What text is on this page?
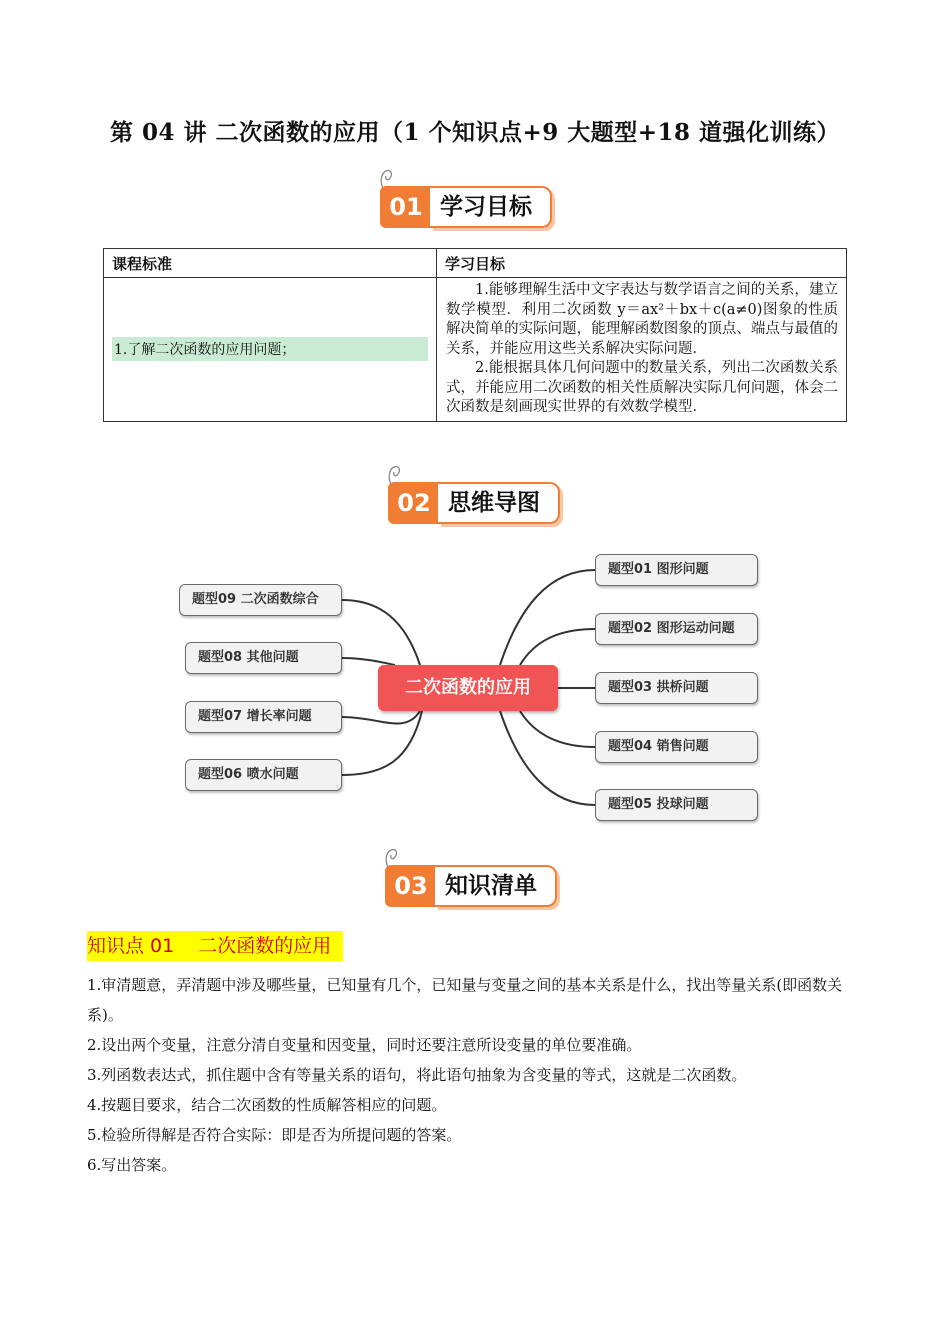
第 04 讲 二次函数的应用（1 个知识点+9 大题型+18 道强化训练）
01 学习目标
课程标准	学习目标

1.了解二次函数的应用问题；	1.能够理解生活中文字表达与数学语言之间的关系，建立数学模型．利用二次函数 y＝ax²＋bx＋c(a≠0)图象的性质解决简单的实际问题，能理解函数图象的顶点、端点与最值的关系，并能应用这些关系解决实际问题．

2.能根据具体几何问题中的数量关系，列出二次函数关系式，并能应用二次函数的相关性质解决实际几何问题，体会二次函数是刻画现实世界的有效数学模型．

02 思维导图
二次函数的应用
题型01 图形问题
题型02 图形运动问题
题型03 拱桥问题
题型04 销售问题
题型05 投球问题
题型09 二次函数综合
题型08 其他问题
题型07 增长率问题
题型06 喷水问题
03 知识清单
知识点 01 二次函数的应用

1.审清题意，弄清题中涉及哪些量，已知量有几个，已知量与变量之间的基本关系是什么，找出等量关系(即函数关系)。

2.设出两个变量，注意分清自变量和因变量，同时还要注意所设变量的单位要准确。

3.列函数表达式，抓住题中含有等量关系的语句，将此语句抽象为含变量的等式，这就是二次函数。

4.按题目要求，结合二次函数的性质解答相应的问题。

5.检验所得解是否符合实际：即是否为所提问题的答案。

6.写出答案。
